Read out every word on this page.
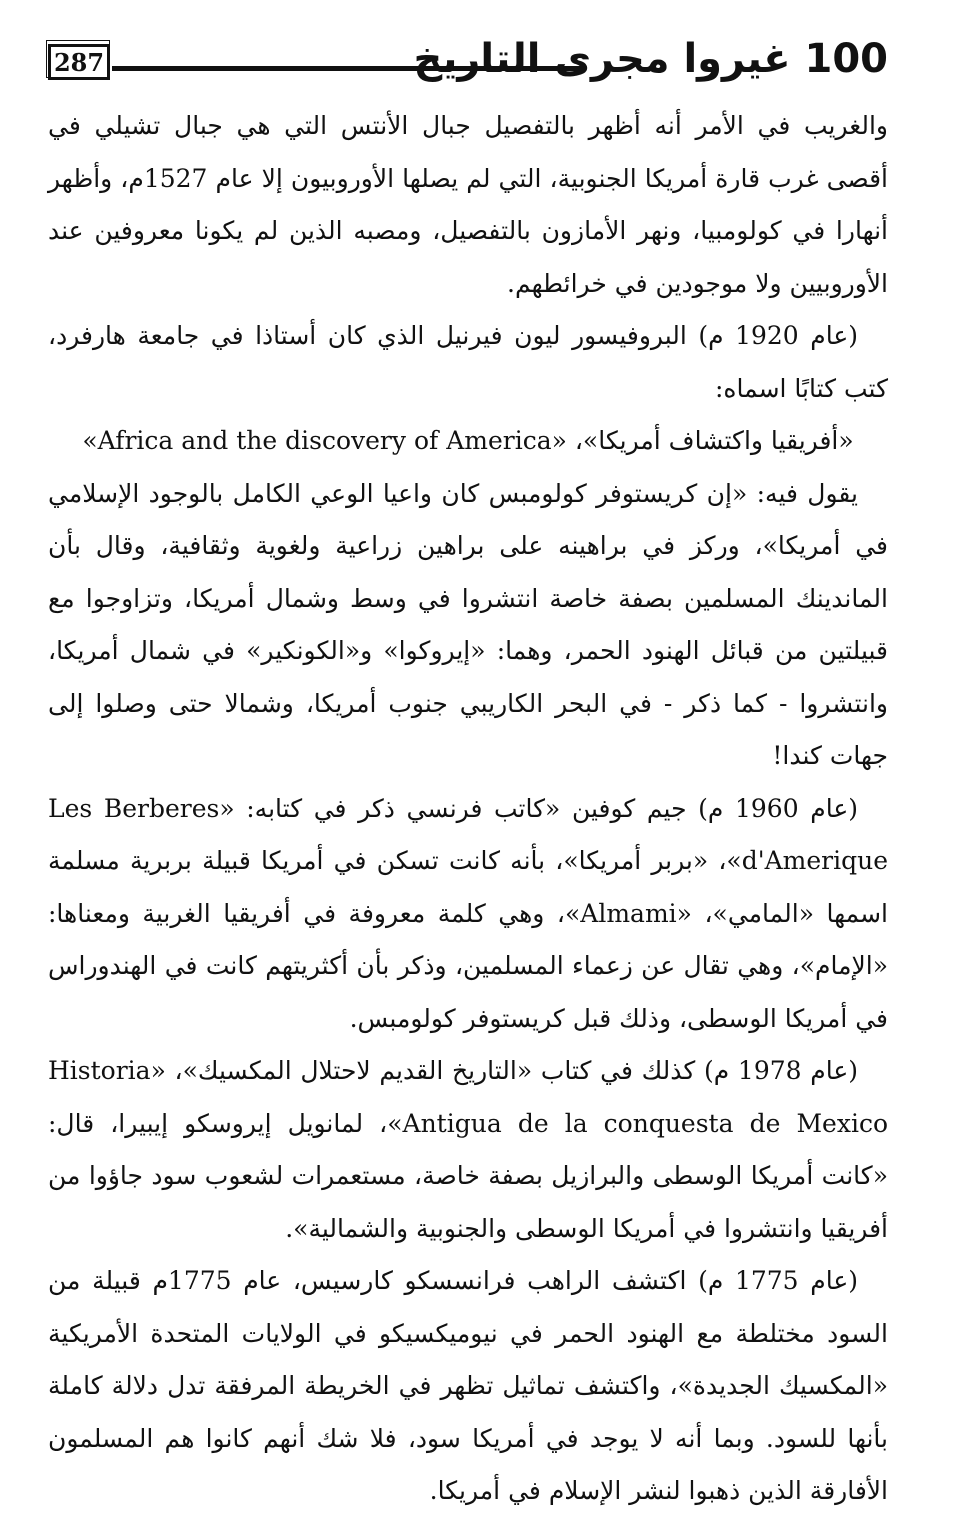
287	100 غيروا مجرى التاريخ

والغريب في الأمر أنه أظهر بالتفصيل جبال الأنتس التي هي جبال تشيلي في أقصى غرب قارة أمريكا الجنوبية، التي لم يصلها الأوروبيون إلا عام 1527م، وأظهر أنهارا في كولومبيا، ونهر الأمازون بالتفصيل، ومصبه الذين لم يكونا معروفين عند الأوروبيين ولا موجودين في خرائطهم.

(عام 1920 م) البروفيسور ليون فيرنيل الذي كان أستاذا في جامعة هارفرد، كتب كتابًا اسماه:

«أفريقيا واكتشاف أمريكا»، «Africa and the discovery of America»

يقول فيه: «إن كريستوفر كولومبس كان واعيا الوعي الكامل بالوجود الإسلامي في أمريكا»، وركز في براهينه على براهين زراعية ولغوية وثقافية، وقال بأن الماندينك المسلمين بصفة خاصة انتشروا في وسط وشمال أمريكا، وتزاوجوا مع قبيلتين من قبائل الهنود الحمر، وهما: «إيروكوا» و«الكونكير» في شمال أمريكا، وانتشروا - كما ذكر - في البحر الكاريبي جنوب أمريكا، وشمالا حتى وصلوا إلى جهات كندا!

(عام 1960 م) جيم كوفين «كاتب فرنسي ذكر في كتابه: «Les Berberes d'Amerique»، «بربر أمريكا»، بأنه كانت تسكن في أمريكا قبيلة بربرية مسلمة اسمها «المامي»، «Almami»، وهي كلمة معروفة في أفريقيا الغربية ومعناها: «الإمام»، وهي تقال عن زعماء المسلمين، وذكر بأن أكثريتهم كانت في الهندوراس في أمريكا الوسطى، وذلك قبل كريستوفر كولومبس.

(عام 1978 م) كذلك في كتاب «التاريخ القديم لاحتلال المكسيك»، «Historia Antigua de la conquesta de Mexico»، لمانويل إيروسكو إيبيرا، قال: «كانت أمريكا الوسطى والبرازيل بصفة خاصة، مستعمرات لشعوب سود جاؤوا من أفريقيا وانتشروا في أمريكا الوسطى والجنوبية والشمالية».

(عام 1775 م) اكتشف الراهب فرانسسكو كارسيس، عام 1775م قبيلة من السود مختلطة مع الهنود الحمر في نيوميكسيكو في الولايات المتحدة الأمريكية «المكسيك الجديدة»، واكتشف تماثيل تظهر في الخريطة المرفقة تدل دلالة كاملة بأنها للسود. وبما أنه لا يوجد في أمريكا سود، فلا شك أنهم كانوا هم المسلمون الأفارقة الذين ذهبوا لنشر الإسلام في أمريكا.
